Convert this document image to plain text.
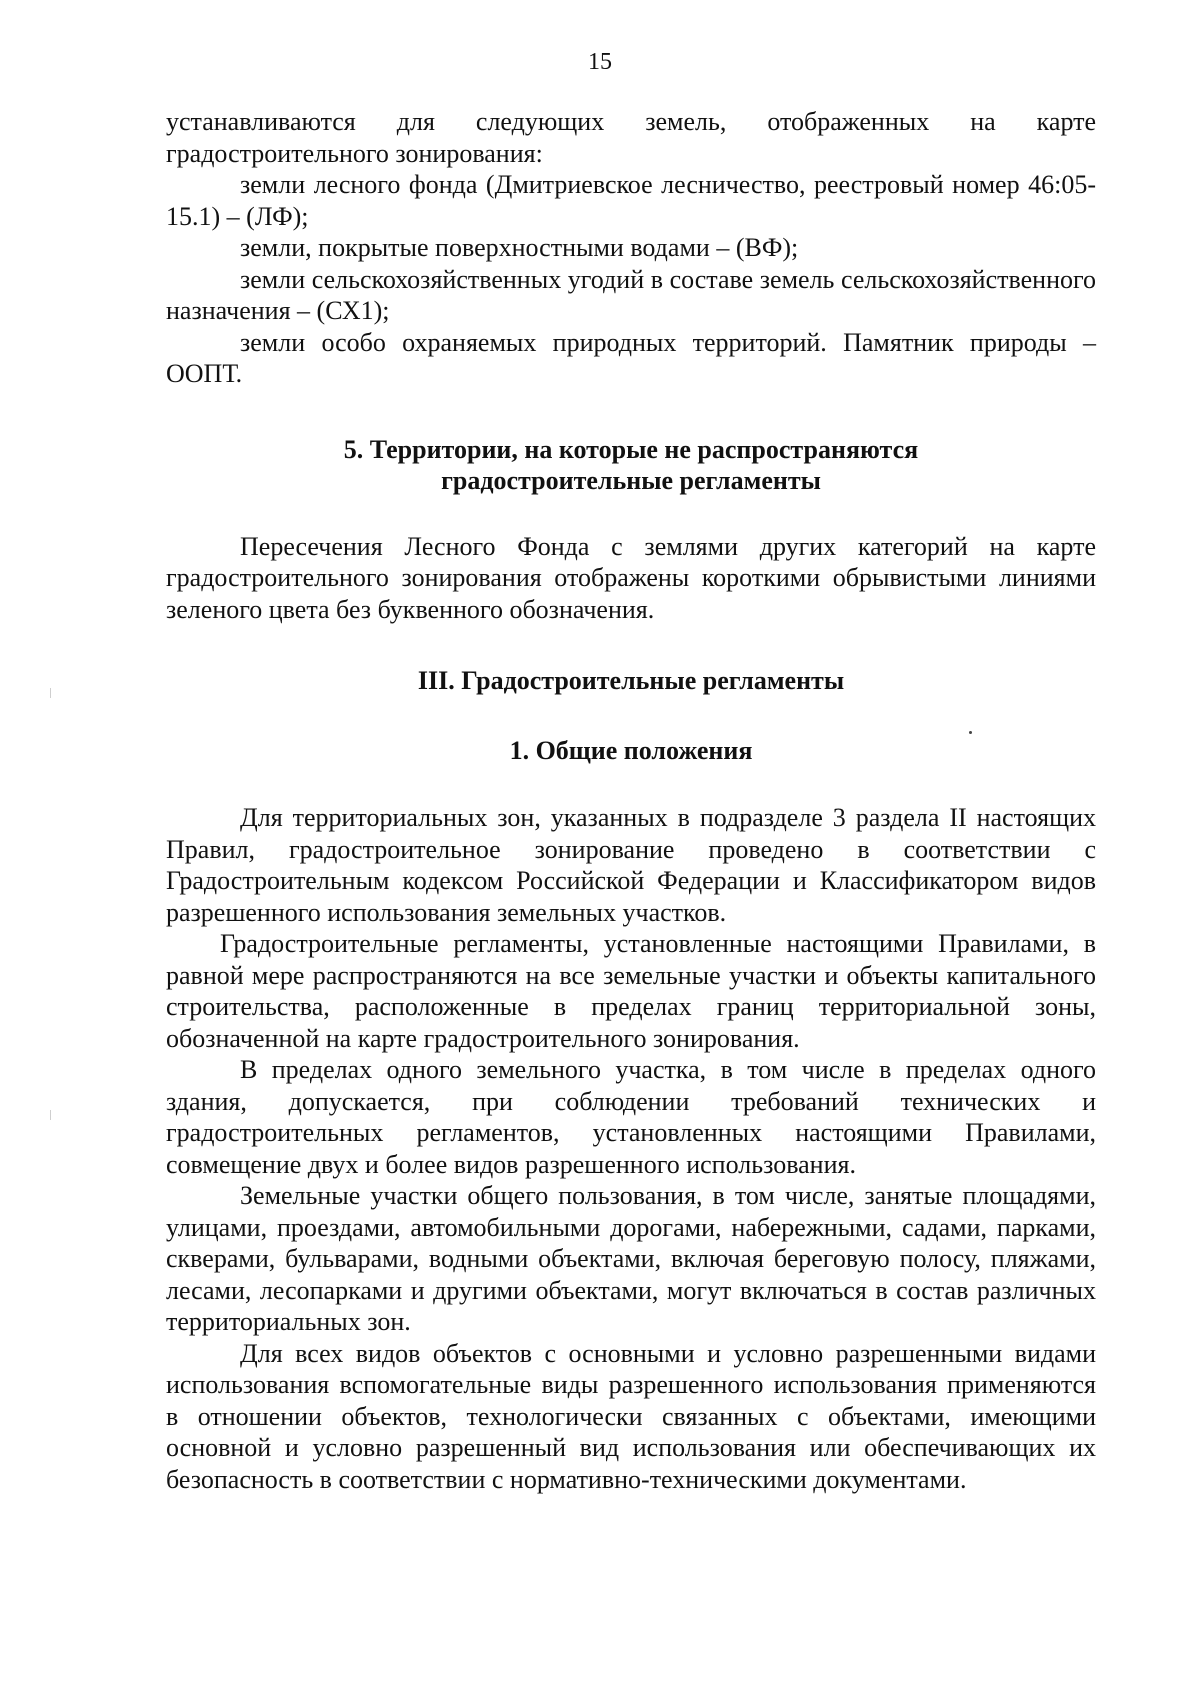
15

устанавливаются для следующих земель, отображенных на карте градостроительного зонирования:

земли лесного фонда (Дмитриевское лесничество, реестровый номер 46:05-15.1) – (ЛФ);

земли, покрытые поверхностными водами – (ВФ);

земли сельскохозяйственных угодий в составе земель сельскохозяйственного назначения – (СХ1);

земли особо охраняемых природных территорий. Памятник природы – ООПТ.

5. Территории, на которые не распространяются
градостроительные регламенты

Пересечения Лесного Фонда с землями других категорий на карте градостроительного зонирования отображены короткими обрывистыми линиями зеленого цвета без буквенного обозначения.

III. Градостроительные регламенты
1. Общие положения

Для территориальных зон, указанных в подразделе 3 раздела II настоящих Правил, градостроительное зонирование проведено в соответствии с Градостроительным кодексом Российской Федерации и Классификатором видов разрешенного использования земельных участков.

Градостроительные регламенты, установленные настоящими Правилами, в равной мере распространяются на все земельные участки и объекты капитального строительства, расположенные в пределах границ территориальной зоны, обозначенной на карте градостроительного зонирования.

В пределах одного земельного участка, в том числе в пределах одного здания, допускается, при соблюдении требований технических и градостроительных регламентов, установленных настоящими Правилами, совмещение двух и более видов разрешенного использования.

Земельные участки общего пользования, в том числе, занятые площадями, улицами, проездами, автомобильными дорогами, набережными, садами, парками, скверами, бульварами, водными объектами, включая береговую полосу, пляжами, лесами, лесопарками и другими объектами, могут включаться в состав различных территориальных зон.

Для всех видов объектов с основными и условно разрешенными видами использования вспомогательные виды разрешенного использования применяются в отношении объектов, технологически связанных с объектами, имеющими основной и условно разрешенный вид использования или обеспечивающих их безопасность в соответствии с нормативно-техническими документами.
